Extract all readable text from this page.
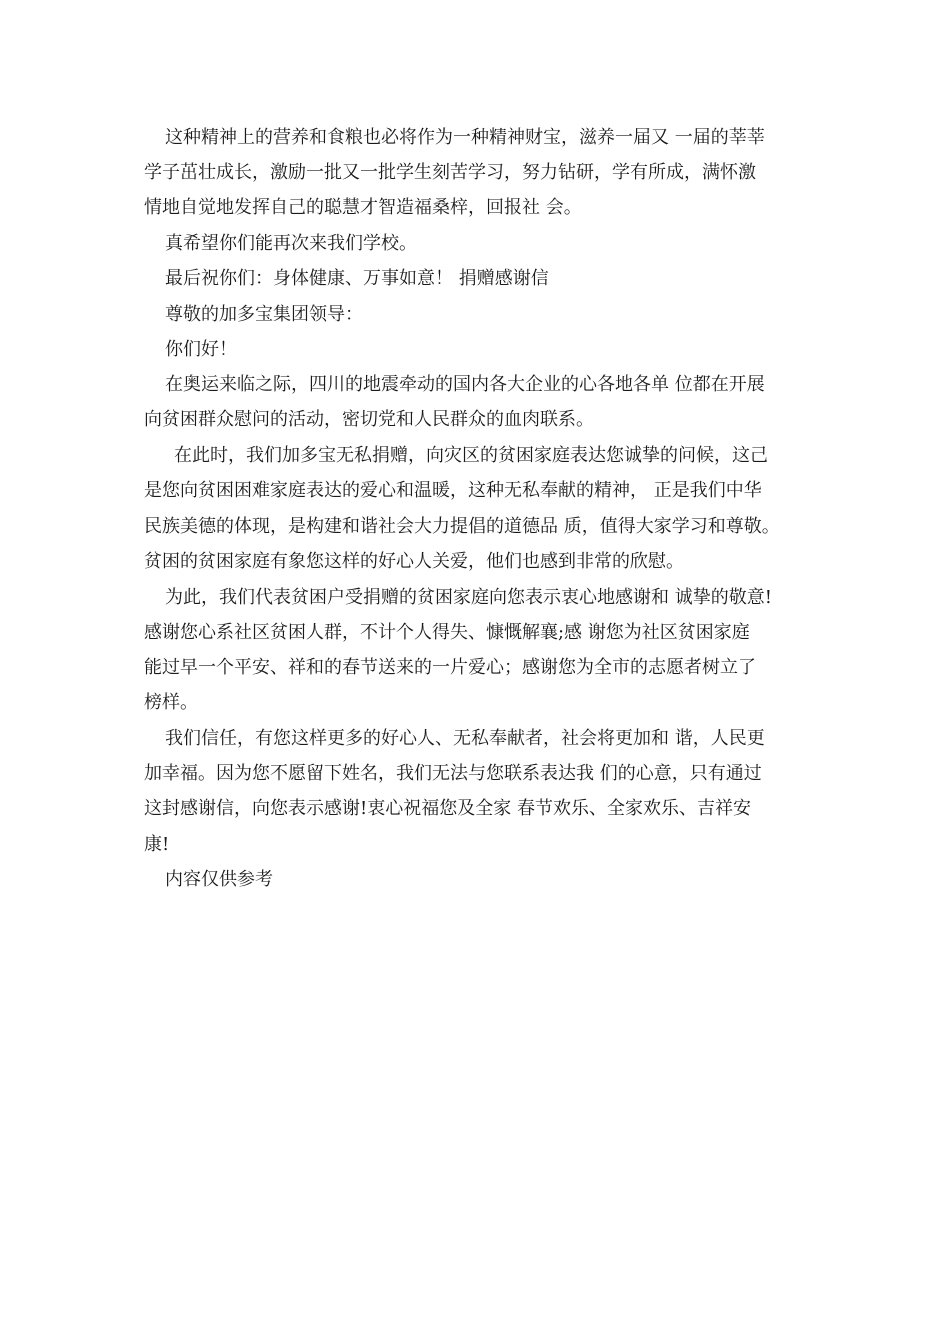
这种精神上的营养和食粮也必将作为一种精神财宝，滋养一届又 一届的莘莘
学子茁壮成长，激励一批又一批学生刻苦学习，努力钻研，学有所成，满怀激
情地自觉地发挥自己的聪慧才智造福桑梓，回报社 会。
真希望你们能再次来我们学校。
最后祝你们：身体健康、万事如意！ 捐赠感谢信
尊敬的加多宝集团领导：
你们好！
在奥运来临之际，四川的地震牵动的国内各大企业的心各地各单 位都在开展
向贫困群众慰问的活动，密切党和人民群众的血肉联系。
在此时，我们加多宝无私捐赠，向灾区的贫困家庭表达您诚挚的问候，这己
是您向贫困困难家庭表达的爱心和温暖，这种无私奉献的精神， 正是我们中华
民族美德的体现，是构建和谐社会大力提倡的道德品 质，值得大家学习和尊敬。
贫困的贫困家庭有象您这样的好心人关爱，他们也感到非常的欣慰。
为此，我们代表贫困户受捐赠的贫困家庭向您表示衷心地感谢和 诚挚的敬意!
感谢您心系社区贫困人群，不计个人得失、慷慨解襄;感 谢您为社区贫困家庭
能过早一个平安、祥和的春节送来的一片爱心；感谢您为全市的志愿者树立了
榜样。
我们信任，有您这样更多的好心人、无私奉献者，社会将更加和 谐，人民更
加幸福。因为您不愿留下姓名，我们无法与您联系表达我 们的心意，只有通过
这封感谢信，向您表示感谢!衷心祝福您及全家 春节欢乐、全家欢乐、吉祥安
康!
内容仅供参考
